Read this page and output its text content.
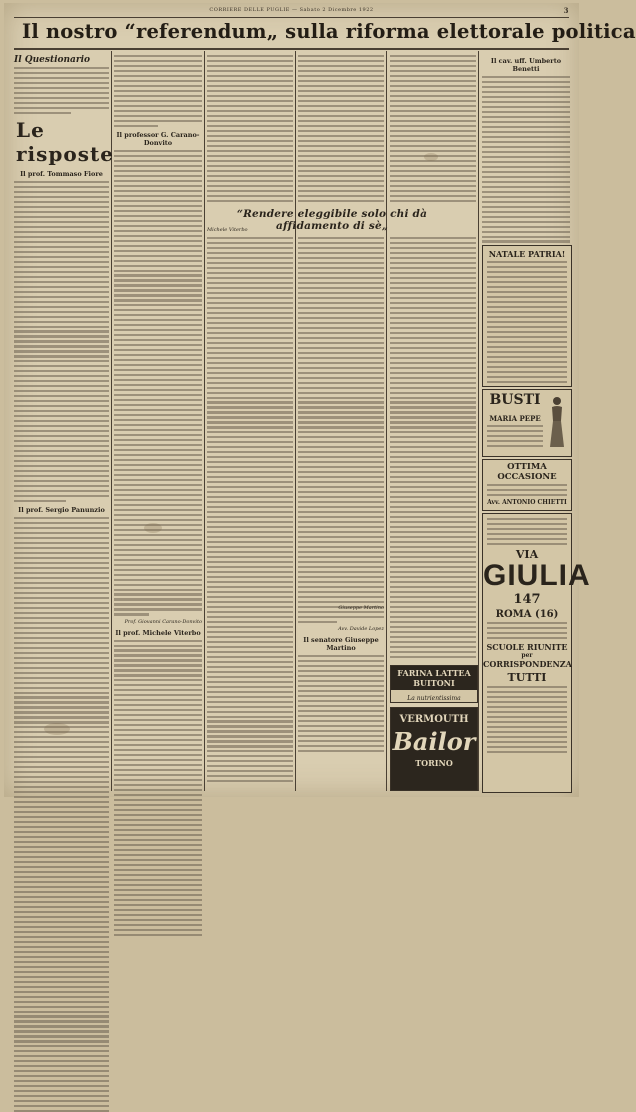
CORRIERE DELLE PUGLIE — Sabato 2 Dicembre 1922	3
Il nostro “referendum„ sulla riforma elettorale politica
Il Questionario
Le risposte
Il prof. Tommaso Fiore
Il prof. Sergio Panunzio
Il professor G. Carano-Donvito
Prof. Giovanni Carano-Donvito
Il prof. Michele Viterbo
“Rendere eleggibile solo chi dà affidamento di sè„
Michele Viterbo
Avv. Davide Lopez
Il senatore Giuseppe Martino
Giuseppe Martino
FARINA LATTEA BUITONI
La nutrientissima
VERMOUTH
Bailor
TORINO
Il cav. uff. Umberto Benetti
NATALE PATRIA!
BUSTI
MARIA PEPE
OTTIMA OCCASIONE
Avv. ANTONIO CHIETTI
VIA
GIULIA
147
ROMA (16)
SCUOLE RIUNITE
per
CORRISPONDENZA
TUTTI
